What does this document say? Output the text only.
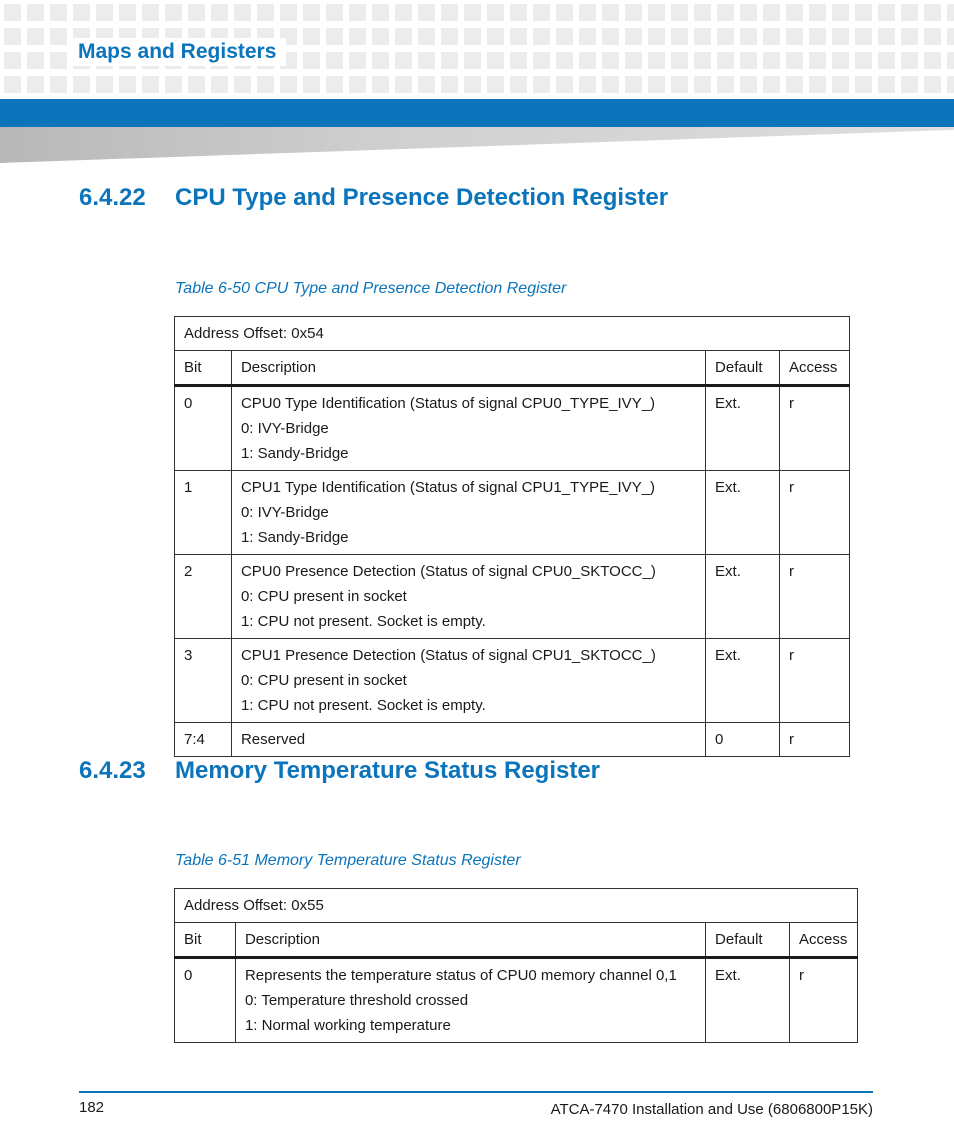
Maps and Registers
6.4.22	CPU Type and Presence Detection Register

Table 6-50 CPU Type and Presence Detection Register

Address Offset: 0x54			
Bit	Description	Default	Access
0	CPU0 Type Identification (Status of signal CPU0_TYPE_IVY_)
0: IVY-Bridge
1: Sandy-Bridge	Ext.	r
1	CPU1 Type Identification (Status of signal CPU1_TYPE_IVY_)
0: IVY-Bridge
1: Sandy-Bridge	Ext.	r
2	CPU0 Presence Detection (Status of signal CPU0_SKTOCC_)
0: CPU present in socket
1: CPU not present. Socket is empty.	Ext.	r
3	CPU1 Presence Detection (Status of signal CPU1_SKTOCC_)
0: CPU present in socket
1: CPU not present. Socket is empty.	Ext.	r
7:4	Reserved	0	r
6.4.23	Memory Temperature Status Register

Table 6-51 Memory Temperature Status Register

Address Offset: 0x55			
Bit	Description	Default	Access
0	Represents the temperature status of CPU0 memory channel 0,1
0: Temperature threshold crossed
1: Normal working temperature	Ext.	r
182	ATCA-7470 Installation and Use (6806800P15K)
